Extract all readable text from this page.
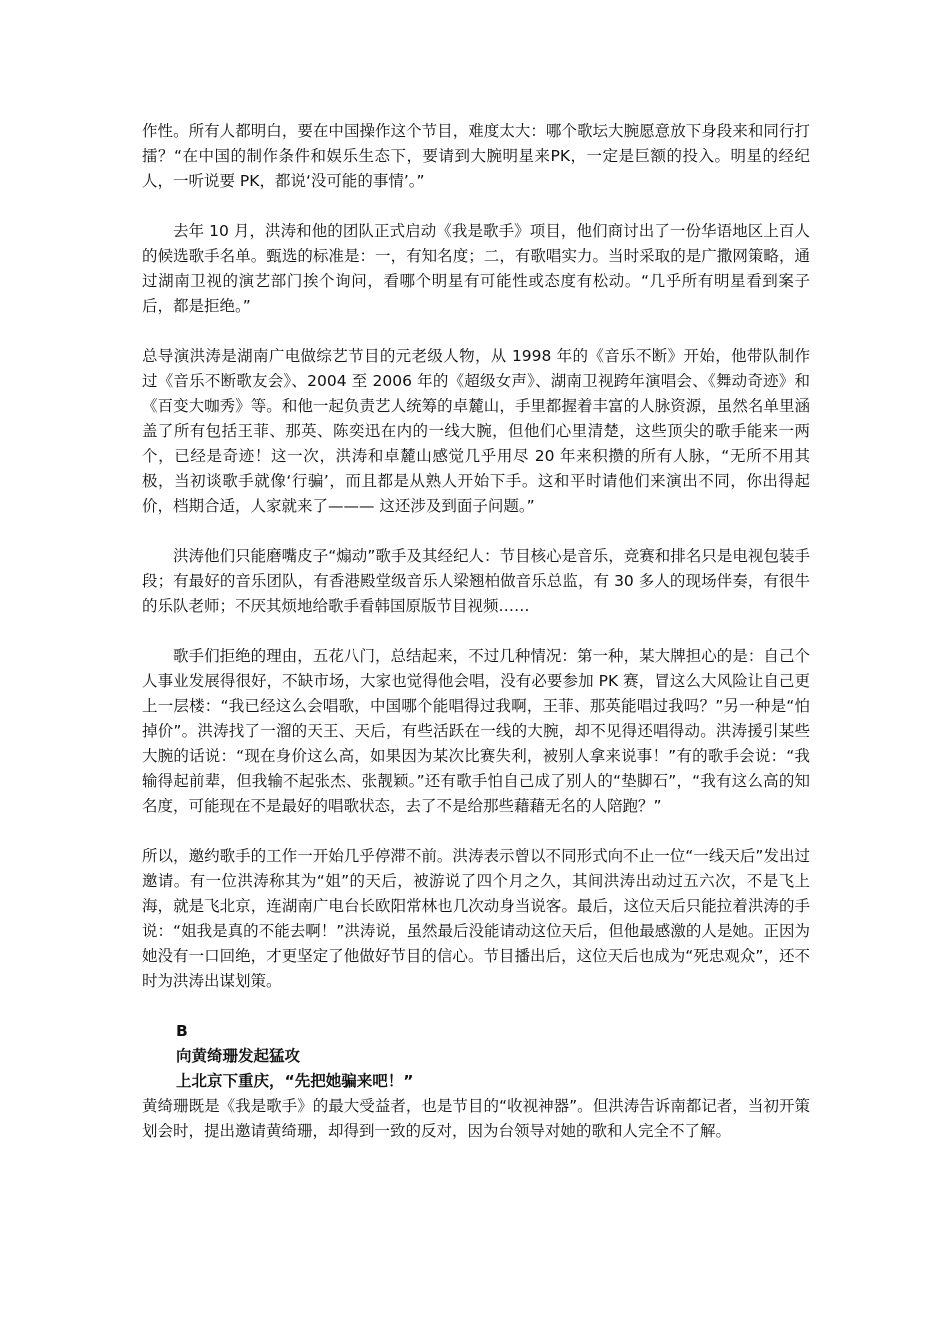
作性。所有人都明白，要在中国操作这个节目，难度太大：哪个歌坛大腕愿意放下身段来和同行打擂？“在中国的制作条件和娱乐生态下，要请到大腕明星来PK，一定是巨额的投入。明星的经纪人，一听说要 PK，都说‘没可能的事情’。”

去年 10 月，洪涛和他的团队正式启动《我是歌手》项目，他们商讨出了一份华语地区上百人的候选歌手名单。甄选的标准是：一，有知名度；二，有歌唱实力。当时采取的是广撒网策略，通过湖南卫视的演艺部门挨个询问，看哪个明星有可能性或态度有松动。“几乎所有明星看到案子后，都是拒绝。”

总导演洪涛是湖南广电做综艺节目的元老级人物，从 1998 年的《音乐不断》开始，他带队制作过《音乐不断歌友会》、2004 至 2006 年的《超级女声》、湖南卫视跨年演唱会、《舞动奇迹》和《百变大咖秀》等。和他一起负责艺人统筹的卓麓山，手里都握着丰富的人脉资源，虽然名单里涵盖了所有包括王菲、那英、陈奕迅在内的一线大腕，但他们心里清楚，这些顶尖的歌手能来一两个，已经是奇迹！这一次，洪涛和卓麓山感觉几乎用尽 20 年来积攒的所有人脉，“无所不用其极，当初谈歌手就像‘行骗’，而且都是从熟人开始下手。这和平时请他们来演出不同，你出得起价，档期合适，人家就来了——— 这还涉及到面子问题。”

洪涛他们只能磨嘴皮子“煽动”歌手及其经纪人：节目核心是音乐，竞赛和排名只是电视包装手段；有最好的音乐团队，有香港殿堂级音乐人梁翘柏做音乐总监，有 30 多人的现场伴奏，有很牛的乐队老师；不厌其烦地给歌手看韩国原版节目视频……

歌手们拒绝的理由，五花八门，总结起来，不过几种情况：第一种，某大牌担心的是：自己个人事业发展得很好，不缺市场，大家也觉得他会唱，没有必要参加 PK 赛，冒这么大风险让自己更上一层楼：“我已经这么会唱歌，中国哪个能唱得过我啊，王菲、那英能唱过我吗？”另一种是“怕掉价”。洪涛找了一溜的天王、天后，有些活跃在一线的大腕，却不见得还唱得动。洪涛援引某些大腕的话说：“现在身价这么高，如果因为某次比赛失利，被别人拿来说事！”有的歌手会说：“我输得起前辈，但我输不起张杰、张靓颖。”还有歌手怕自己成了别人的“垫脚石”，“我有这么高的知名度，可能现在不是最好的唱歌状态，去了不是给那些藉藉无名的人陪跑？”

所以，邀约歌手的工作一开始几乎停滞不前。洪涛表示曾以不同形式向不止一位“一线天后”发出过邀请。有一位洪涛称其为“姐”的天后，被游说了四个月之久，其间洪涛出动过五六次，不是飞上海，就是飞北京，连湖南广电台长欧阳常林也几次动身当说客。最后，这位天后只能拉着洪涛的手说：“姐我是真的不能去啊！”洪涛说，虽然最后没能请动这位天后，但他最感激的人是她。正因为她没有一口回绝，才更坚定了他做好节目的信心。节目播出后，这位天后也成为“死忠观众”，还不时为洪涛出谋划策。

B

向黄绮珊发起猛攻

上北京下重庆，“先把她骗来吧！”

黄绮珊既是《我是歌手》的最大受益者，也是节目的“收视神器”。但洪涛告诉南都记者，当初开策划会时，提出邀请黄绮珊，却得到一致的反对，因为台领导对她的歌和人完全不了解。
